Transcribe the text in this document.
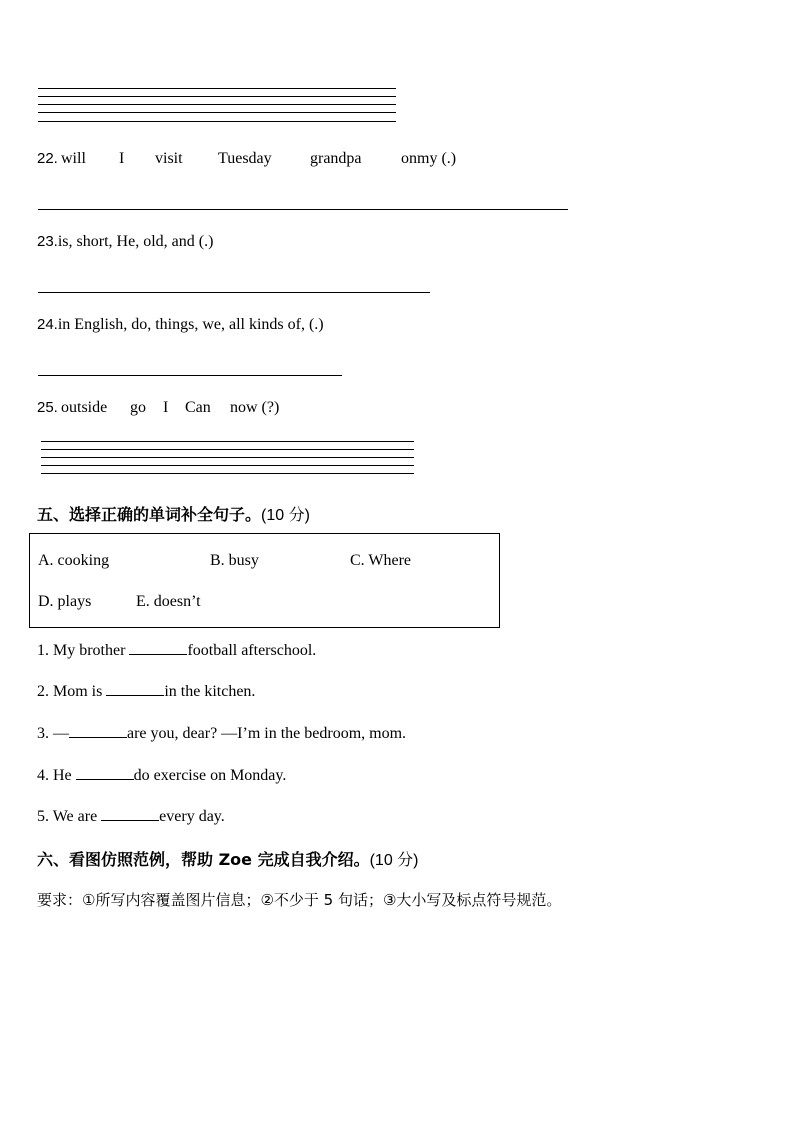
22. will I visit Tuesday grandpa onmy (.)
23.is, short, He, old, and (.)
24.in English, do, things, we, all kinds of, (.)
25. outside go I Can now (?)
五、选择正确的单词补全句子。(10 分)
A. cooking	B. busy	C. Where
D. plays	E. doesn’t
1. My brother	football afterschool.
2. Mom is	in the kitchen.
3. —	are you, dear? —I’m in the bedroom, mom.
4. He	do exercise on Monday.
5. We are	every day.
六、看图仿照范例，帮助 Zoe 完成自我介绍。(10 分)
要求：①所写内容覆盖图片信息；②不少于 5 句话；③大小写及标点符号规范。
